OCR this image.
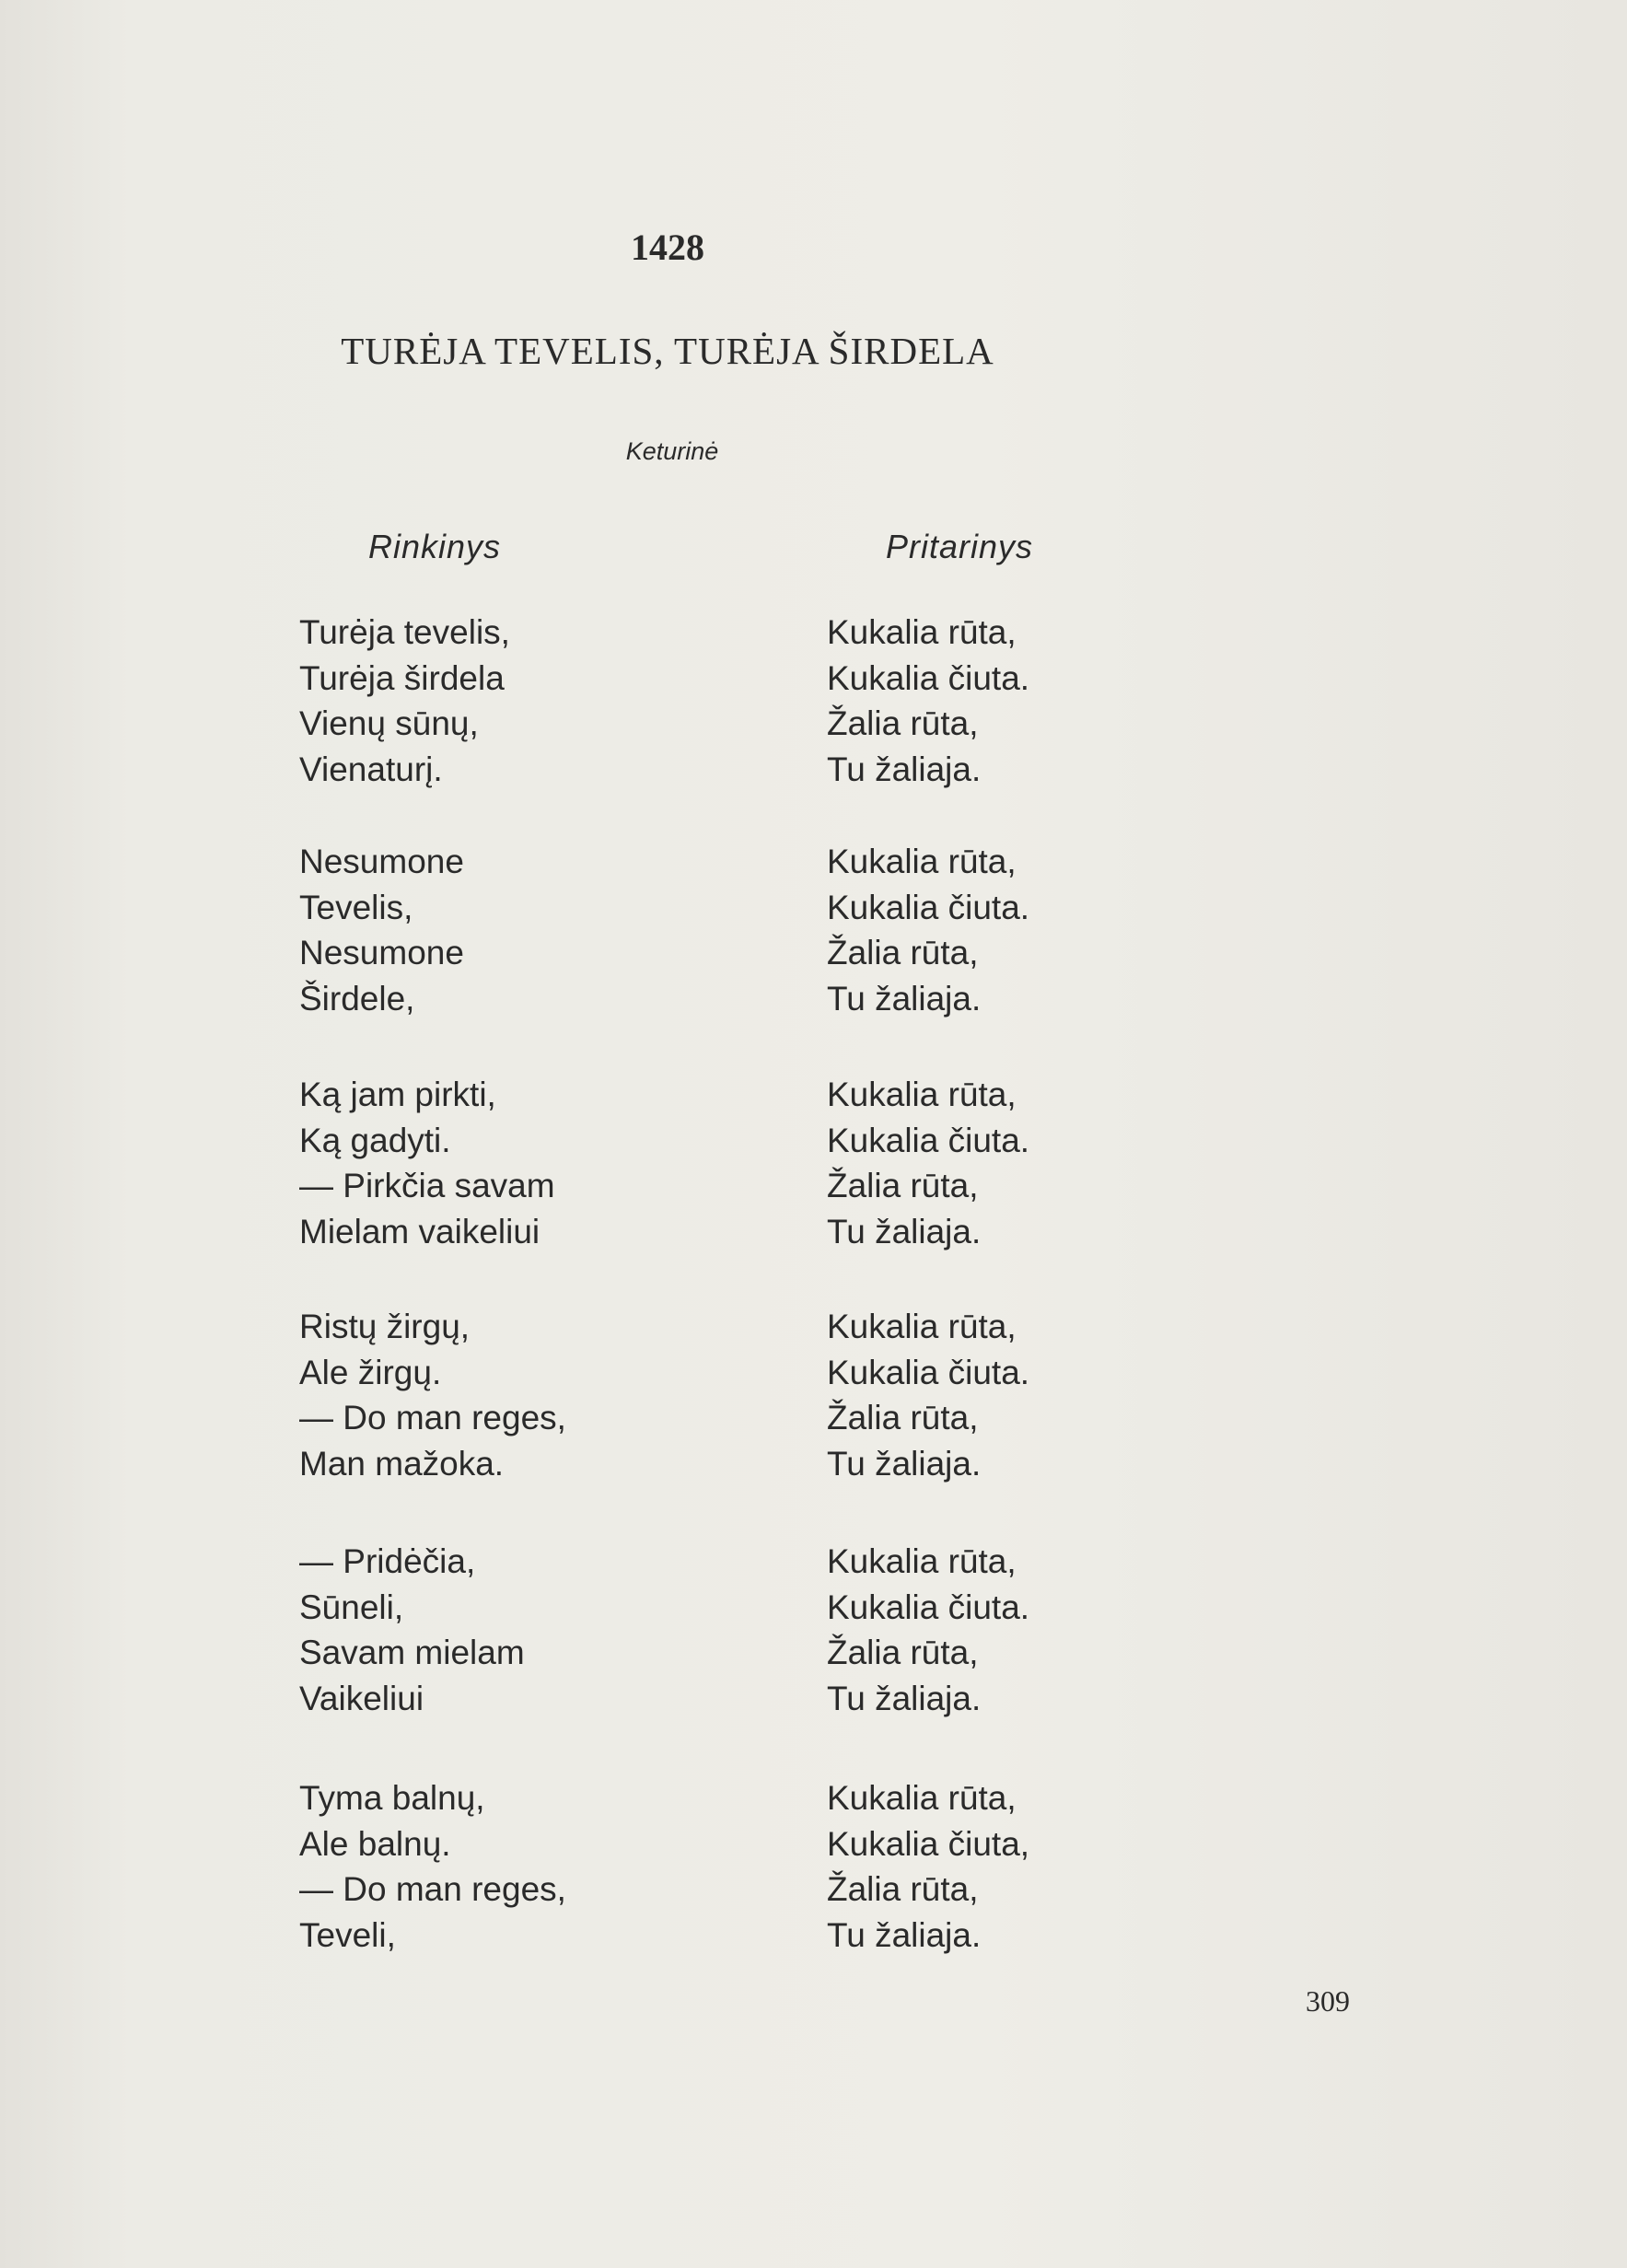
1428
TURĖJA TEVELIS, TURĖJA ŠIRDELA
Keturinė
Rinkinys	Pritarinys
Turėja tevelis,
Turėja širdela
Vienų sūnų,
Vienaturį.
Kukalia rūta,
Kukalia čiuta.
Žalia rūta,
Tu žaliaja.
Nesumone
Tevelis,
Nesumone
Širdele,
Kukalia rūta,
Kukalia čiuta.
Žalia rūta,
Tu žaliaja.
Ką jam pirkti,
Ką gadyti.
— Pirkčia savam
Mielam vaikeliui
Kukalia rūta,
Kukalia čiuta.
Žalia rūta,
Tu žaliaja.
Ristų žirgų,
Ale žirgų.
— Do man reges,
Man mažoka.
Kukalia rūta,
Kukalia čiuta.
Žalia rūta,
Tu žaliaja.
— Pridėčia,
Sūneli,
Savam mielam
Vaikeliui
Kukalia rūta,
Kukalia čiuta.
Žalia rūta,
Tu žaliaja.
Tyma balnų,
Ale balnų.
— Do man reges,
Teveli,
Kukalia rūta,
Kukalia čiuta,
Žalia rūta,
Tu žaliaja.
309
